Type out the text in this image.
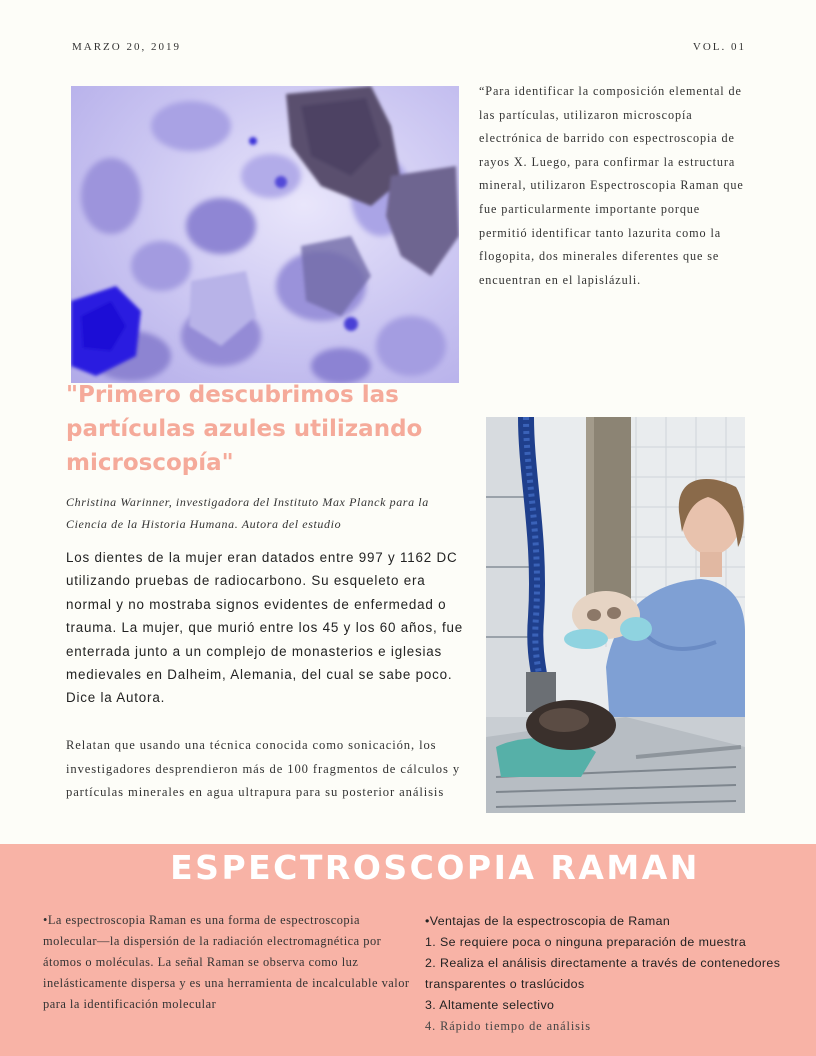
MARZO 20, 2019	VOL. 01
“Para identificar la composición elemental de las partículas, utilizaron microscopía electrónica de barrido con espectroscopia de rayos X. Luego, para confirmar la estructura mineral, utilizaron Espectroscopia Raman que fue particularmente importante porque permitió identificar tanto lazurita como la flogopita, dos minerales diferentes que se encuentran en el lapislázuli.
"Primero descubrimos las partículas azules utilizando microscopía"
Christina Warinner, investigadora del Instituto Max Planck para la Ciencia de la Historia Humana. Autora del estudio
Los dientes de la mujer eran datados entre 997 y 1162 DC utilizando pruebas de radiocarbono. Su esqueleto era normal y no mostraba signos evidentes de enfermedad o trauma. La mujer, que murió entre los 45 y los 60 años, fue enterrada junto a un complejo de monasterios e iglesias medievales en Dalheim, Alemania, del cual se sabe poco. Dice la Autora.
Relatan que usando una técnica conocida como sonicación, los investigadores desprendieron más de 100 fragmentos de cálculos y partículas minerales en agua ultrapura para su posterior análisis
ESPECTROSCOPIA RAMAN
•La espectroscopia Raman es una forma de espectroscopia molecular—la dispersión de la radiación electromagnética por átomos o moléculas. La señal Raman se observa como luz inelásticamente dispersa y es una herramienta de incalculable valor para la identificación molecular
•Ventajas de la espectroscopia de Raman
1. Se requiere poca o ninguna preparación de muestra
2. Realiza el análisis directamente a través de contenedores transparentes o traslúcidos
3. Altamente selectivo
4. Rápido tiempo de análisis
